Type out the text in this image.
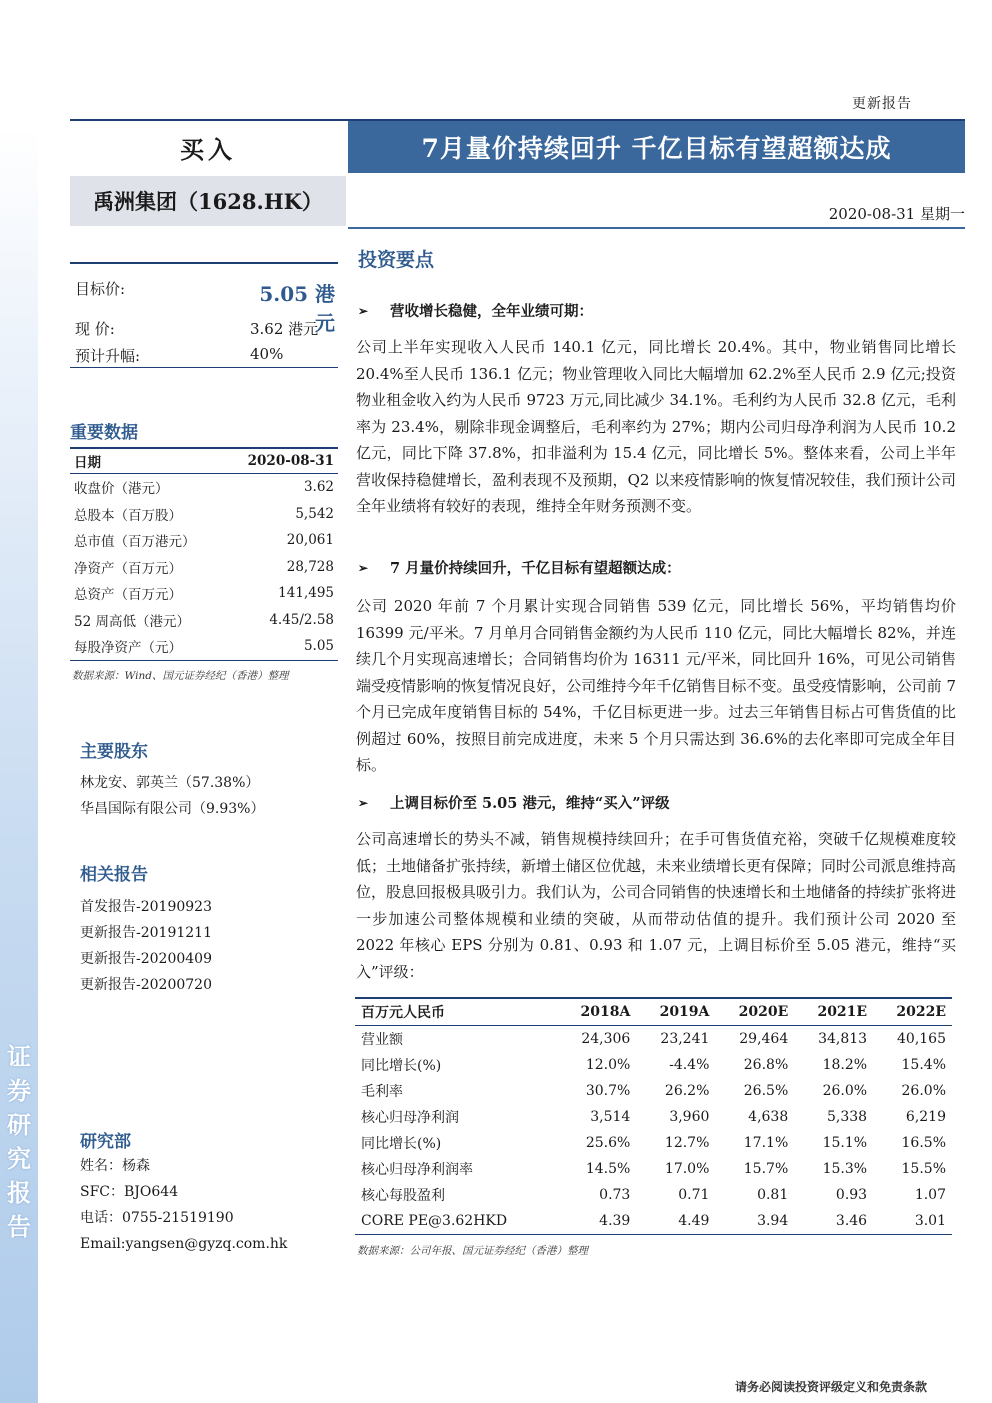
证
券
研
究
报
告
更新报告
买入	7月量价持续回升 千亿目标有望超额达成
禹洲集团（1628.HK）	2020-08-31 星期一
目标价:	5.05 港元
现 价:	3.62 港元
预计升幅:	40%
重要数据
日期	2020-08-31
收盘价（港元）	3.62
总股本（百万股）	5,542
总市值（百万港元）	20,061
净资产（百万元）	28,728
总资产（百万元）	141,495
52 周高低（港元）	4.45/2.58
每股净资产（元）	5.05
数据来源：Wind、国元证券经纪（香港）整理
主要股东
林龙安、郭英兰（57.38%）
华昌国际有限公司（9.93%）
相关报告
首发报告-20190923
更新报告-20191211
更新报告-20200409
更新报告-20200720
研究部
姓名：杨森
SFC：BJO644
电话：0755-21519190
Email:yangsen@gyzq.com.hk
投资要点
➢	营收增长稳健，全年业绩可期：
公司上半年实现收入人民币 140.1 亿元，同比增长 20.4%。其中，物业销售同比增长 20.4%至人民币 136.1 亿元；物业管理收入同比大幅增加 62.2%至人民币 2.9 亿元;投资物业租金收入约为人民币 9723 万元,同比减少 34.1%。毛利约为人民币 32.8 亿元，毛利率为 23.4%，剔除非现金调整后，毛利率约为 27%；期内公司归母净利润为人民币 10.2 亿元，同比下降 37.8%，扣非溢利为 15.4 亿元，同比增长 5%。整体来看，公司上半年营收保持稳健增长，盈利表现不及预期，Q2 以来疫情影响的恢复情况较佳，我们预计公司全年业绩将有较好的表现，维持全年财务预测不变。
➢	7 月量价持续回升，千亿目标有望超额达成：
公司 2020 年前 7 个月累计实现合同销售 539 亿元，同比增长 56%，平均销售均价 16399 元/平米。7 月单月合同销售金额约为人民币 110 亿元，同比大幅增长 82%，并连续几个月实现高速增长；合同销售均价为 16311 元/平米，同比回升 16%，可见公司销售端受疫情影响的恢复情况良好，公司维持今年千亿销售目标不变。虽受疫情影响，公司前 7 个月已完成年度销售目标的 54%，千亿目标更进一步。过去三年销售目标占可售货值的比例超过 60%，按照目前完成进度，未来 5 个月只需达到 36.6%的去化率即可完成全年目标。
➢	上调目标价至 5.05 港元，维持“买入”评级
公司高速增长的势头不减，销售规模持续回升；在手可售货值充裕，突破千亿规模难度较低；土地储备扩张持续，新增土储区位优越，未来业绩增长更有保障；同时公司派息维持高位，股息回报极具吸引力。我们认为，公司合同销售的快速增长和土地储备的持续扩张将进一步加速公司整体规模和业绩的突破，从而带动估值的提升。我们预计公司 2020 至 2022 年核心 EPS 分别为 0.81、0.93 和 1.07 元，上调目标价至 5.05 港元，维持“买入”评级：
百万元人民币	2018A	2019A	2020E	2021E	2022E
营业额	24,306	23,241	29,464	34,813	40,165
同比增长(%)	12.0%	-4.4%	26.8%	18.2%	15.4%
毛利率	30.7%	26.2%	26.5%	26.0%	26.0%
核心归母净利润	3,514	3,960	4,638	5,338	6,219
同比增长(%)	25.6%	12.7%	17.1%	15.1%	16.5%
核心归母净利润率	14.5%	17.0%	15.7%	15.3%	15.5%
核心每股盈利	0.73	0.71	0.81	0.93	1.07
CORE PE@3.62HKD	4.39	4.49	3.94	3.46	3.01
数据来源：公司年报、国元证券经纪（香港）整理
请务必阅读投资评级定义和免责条款
